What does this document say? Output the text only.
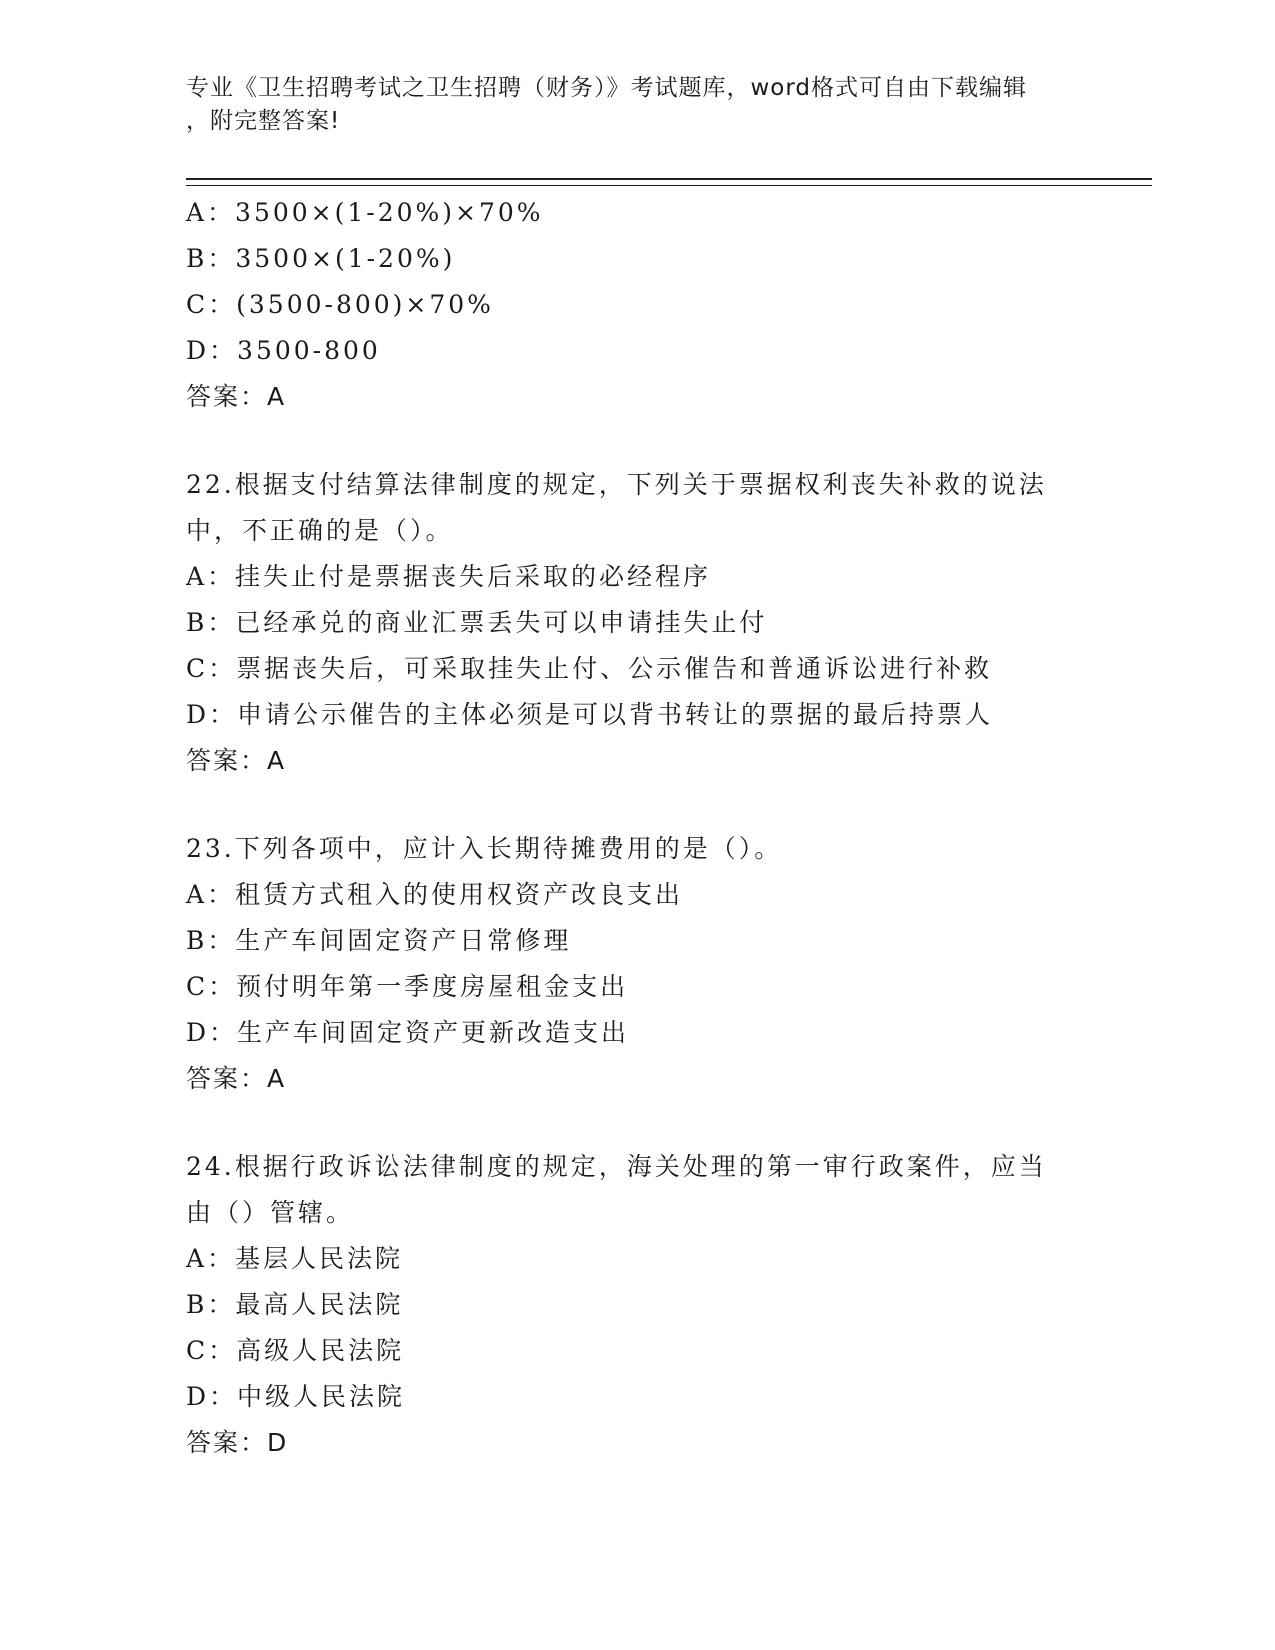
专业《卫生招聘考试之卫生招聘（财务）》考试题库，word格式可自由下载编辑
，附完整答案!
A：3500×(1-20%)×70%
B：3500×(1-20%)
C：(3500-800)×70%
D：3500-800
答案：A
22.根据支付结算法律制度的规定，下列关于票据权利丧失补救的说法
中，不正确的是（）。
A：挂失止付是票据丧失后采取的必经程序
B：已经承兑的商业汇票丢失可以申请挂失止付
C：票据丧失后，可采取挂失止付、公示催告和普通诉讼进行补救
D：申请公示催告的主体必须是可以背书转让的票据的最后持票人
答案：A
23.下列各项中，应计入长期待摊费用的是（）。
A：租赁方式租入的使用权资产改良支出
B：生产车间固定资产日常修理
C：预付明年第一季度房屋租金支出
D：生产车间固定资产更新改造支出
答案：A
24.根据行政诉讼法律制度的规定，海关处理的第一审行政案件，应当
由（）管辖。
A：基层人民法院
B：最高人民法院
C：高级人民法院
D：中级人民法院
答案：D
